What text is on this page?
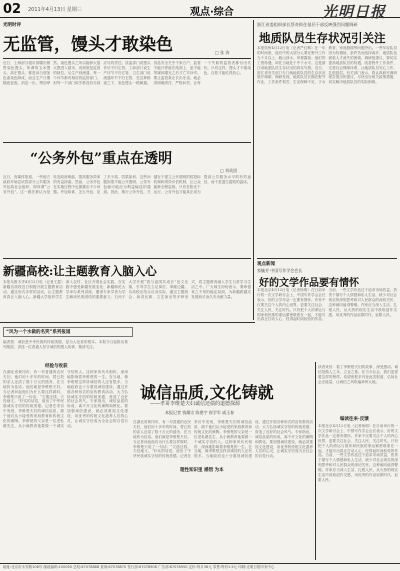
02 2011年4月13日 星期三	观点·综合	光明日报
光明时评
无监管，馒头才敢染色	□ 张 涛
近日，上海部分超市被曝出销售染色馒头，所谓的玉米馒头、高庄馒头，都是用白面加色素染色制成，而且生产日期随意更改。消息一出，舆论哗然。染色馒头之所以能够大摇大摆进入超市，说到底是监管的缺位。从生产到流通，每一个环节都有相应的监管部门，但每一个部门似乎都没有尽到应尽的责任。质监部门说馒头作坊不归它管，工商部门说生产环节不归它管，卫生部门说流通环节不归它管，在这种推诿之下，染色馒头一路畅通。食品安全关乎千家万户，监管不能只停留在纸面上，更不能等媒体曝光之后才亡羊补牢。要让监管真正长出牙齿，就必须明确责任、严格问责，让每一个失职的监管者都付出代价。只有这样，馒头才不敢染色，百姓才能吃得放心。
“公务外包”重点在透明
□ 刘英团
近日，有媒体报道，一些地方政府开始尝试将部分公共服务外包给社会组织，即所谓“公务外包”。这一做法被认为是转变政府职能、提高服务效率的有益探索。然而，公务外包在实施过程中也暴露出不少问题。外包给谁、怎么外包、花了多少钱、效果如何，这些问题如果不能公开透明，公务外包就可能沦为利益输送的通道。因此，推行公务外包，关键在于建立公开透明的招投标机制和绩效评估机制，让公众能够全程监督。只有在阳光下运行，公务外包才能真正成为提高公共服务水平的有效途径，而不是滋生腐败的温床。
浙江省委组织部长蔡奇抓住基层干部反映强烈问题调研
地质队员生存状况引关注
本报杭州4月12日电（记者严红枫）在一年的时间里，他们中的大部分人要在野外工作九个月以上，跋山涉水，风餐露宿；他们的工资待遇，却在当地处于中下水平。这是浙江省地质队员生存状况的真实写照。近日，浙江省有关部门专门就地质队员的生存状况展开调研。调研发现，地质队员长期在野外作业，工作条件艰苦，生活保障不足，子女教育、家庭照顾等问题突出。一些年轻队员因为待遇低、条件苦而选择离开，地质队伍面临人才流失的困境。调研组建议，要切实提高地质队员的待遇，改善野外工作条件，完善社会保障体系，让地质队员安心工作、扎根基层。有关部门表示，将认真研究调研报告提出的建议，尽快出台相关政策措施，切实解决地质队员的实际困难。
新疆高校:让主题教育入脑入心
本报乌鲁木齐4月12日电（记者王瑟）新疆各高校近日积极开展主题教育活动，通过形式多样的活动，让主题教育真正入脑入心。新疆大学组织学生深入农村、社区开展社会实践，在实践中感受新疆发展变化；新疆师范大学举办系列讲座，邀请专家学者为学生解读民族团结的重要意义；石河子大学开展“我与祖国共成长”征文比赛，引导学生立足岗位、奉献边疆。各高校还结合自身实际，通过主题班会、演讲比赛、文艺演出等多种形式，将主题教育融入学生日常学习生活之中。广大师生纷纷表示，要珍惜来之不易的稳定局面，为新疆跨越式发展和长治久安贡献力量。
观点新闻
家毓芳 中国写作学会会长
好的文学作品要有情怀
本报北京4月12日电（记者杨明）在日前举行的一次文学研讨会上，中国写作学会会长表示，好的文学作品一定要有情怀。作家不仅要关注个人的内心世界，更要关注社会、关注人民、关注时代。只有把个人的命运与国家和民族的命运紧密联系在一起，才能写出真正打动人心、经得起时间检验的作品。当前，一些文学作品过于追求市场效益，热衷于描写个人情感和私人生活，缺少对社会现实的深刻思考和对人民群众的深切关怀，这种倾向值得警惕。作家应当深入生活、扎根人民，从火热的现实生活中汲取创作灵感，用优秀的作品讴歌时代、讴歌人民。
“风为一个水做的名笑”系列报道
编者按：诚信是中华民族的传统美德，是为人处世的根本。本报今日起推出系列报道，讲述一位普通人坚守诚信的感人故事，敬请关注。
经验与收获
诚信品质,文化铸就
——孝哥李维楚夫妇诚信还债的道德探源
本报记者 钱耀宗 陈建宇 崔学军 戚玉春
在湖北省黄冈市，有一对普通的农民夫妇，他们用十多年的时间，替已故的亲人还清了数十万元的债务，在当地传为佳话。他们就是李维楚夫妇。当记者问起他们为什么要这样做时，李维楚只说了一句话：“欠债还钱，天经地义。”朴实的话语，道出了中华民族诚实守信的传统美德。记者在采访中发现，李维楚夫妇的诚信品质，源于他们从小接受的家庭教育和传统文化的熏陶。李维楚的父亲是一位老私塾先生，从小就教育他要做一个诚实守信的人。这种家风代代相传，深深地影响着李维楚的一生。在当地，像李维楚这样讲诚信的人还有很多。当地政府也十分重视诚信建设，通过开展各种形式的宣传教育活动，大力弘扬诚实守信的传统美德，营造了良好的社会风气。专家指出，诚信品质的形成，离不开文化的熏陶和教化。要加强诚信建设，就必须重视文化建设，用优秀的传统文化滋养人们的心灵，让诚实守信成为全社会的自觉行动。
在湖北省黄冈市，有一对普通的农民夫妇，他们用十多年的时间，替已故的亲人还清了数十万元的债务，在当地传为佳话。他们就是李维楚夫妇。当记者问起他们为什么要这样做时，李维楚只说了一句话：“欠债还钱，天经地义。”朴实的话语，道出了中华民族诚实守信的传统美德。记者在采访中发现，李维楚夫妇的诚信品质，源于他们从小接受的家庭教育和传统文化的熏陶。李维楚的父亲是一位老私塾先生，从小就教育他要做一个诚实守信的人。这种家风代代相传，深深地影响着李维楚的一生。在当地，像李维楚这样讲诚信的人还有很多。当地政府也十分重视诚信建设，通过开展各种形式的宣传教育活动，大力弘扬诚实守信的传统美德，营造了良好的社会风气。专家指出，诚信品质的形成，离不开文化的熏陶和教化。要加强诚信建设，就必须重视文化建设，用优秀的传统文化滋养人们的心灵，让诚实守信成为全社会的自觉行动。
理性知识里 感悟 为本
读者来信：看了李维楚夫妇的故事，深受感动。诚信是做人之本，立业之基。在当今社会，我们更需要这样的榜样。希望贵报多刊登此类报道，弘扬社会正能量，让诚信之风吹遍神州大地。
编读往来·反馈
本报北京4月12日电（记者杨明）在日前举行的一次文学研讨会上，中国写作学会会长表示，好的文学作品一定要有情怀。作家不仅要关注个人的内心世界，更要关注社会、关注人民、关注时代。只有把个人的命运与国家和民族的命运紧密联系在一起，才能写出真正打动人心、经得起时间检验的作品。当前，一些文学作品过于追求市场效益，热衷于描写个人情感和私人生活，缺少对社会现实的深刻思考和对人民群众的深切关怀，这种倾向值得警惕。作家应当深入生活、扎根人民，从火热的现实生活中汲取创作灵感，用优秀的作品讴歌时代、讴歌人民。
地址:北京市永安路106号 邮政编码:100050 总机:67078888 查询:67078870 发行部:67078908 广告部:67078950 定价:每月36元 零售:每份1.5元 印刷:光明日报印务中心
